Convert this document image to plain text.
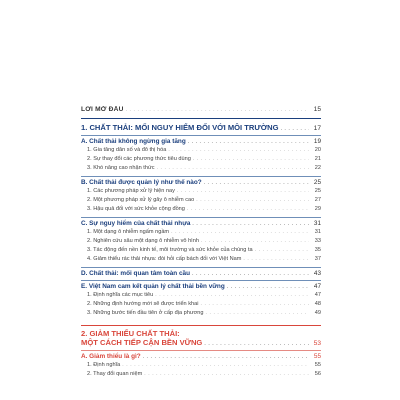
LỜI MỞ ĐẦU . . .	15
1. CHẤT THẢI: MỐI NGUY HIỂM ĐỐI VỚI MÔI TRƯỜNG . . .	17
A. Chất thải không ngừng gia tăng . . .	19
1. Gia tăng dân số và đô thị hóa . . .	20
2. Sự thay đổi các phương thức tiêu dùng . . .	21
3. Khó nâng cao nhận thức . . .	22
B. Chất thải được quản lý như thế nào? . . .	25
1. Các phương pháp xử lý hiện nay . . .	25
2. Một phương pháp xử lý gây ô nhiễm cao . . .	27
3. Hậu quả đối với sức khỏe cộng đồng . . .	29
C. Sự nguy hiểm của chất thải nhựa . . .	31
1. Một dạng ô nhiễm ngấm ngầm . . .	31
2. Nghiên cứu sâu một dạng ô nhiễm vô hình . . .	33
3. Tác động đến nền kinh tế, môi trường và sức khỏe của chúng ta . . .	35
4. Giảm thiểu rác thải nhựa: đòi hỏi cấp bách đối với Việt Nam . . .	37
D. Chất thải: mối quan tâm toàn cầu . . .	43
E. Việt Nam cam kết quản lý chất thải bền vững . . .	47
1. Định nghĩa các mục tiêu . . .	47
2. Những định hướng mới sẽ được triển khai . . .	48
3. Những bước tiến đầu tiên ở cấp địa phương . . .	49
2. GIẢM THIỂU CHẤT THẢI:
MỘT CÁCH TIẾP CẬN BỀN VỮNG . . .	53
A. Giảm thiểu là gì? . . .	55
1. Định nghĩa . . .	55
2. Thay đổi quan niệm . . .	56
